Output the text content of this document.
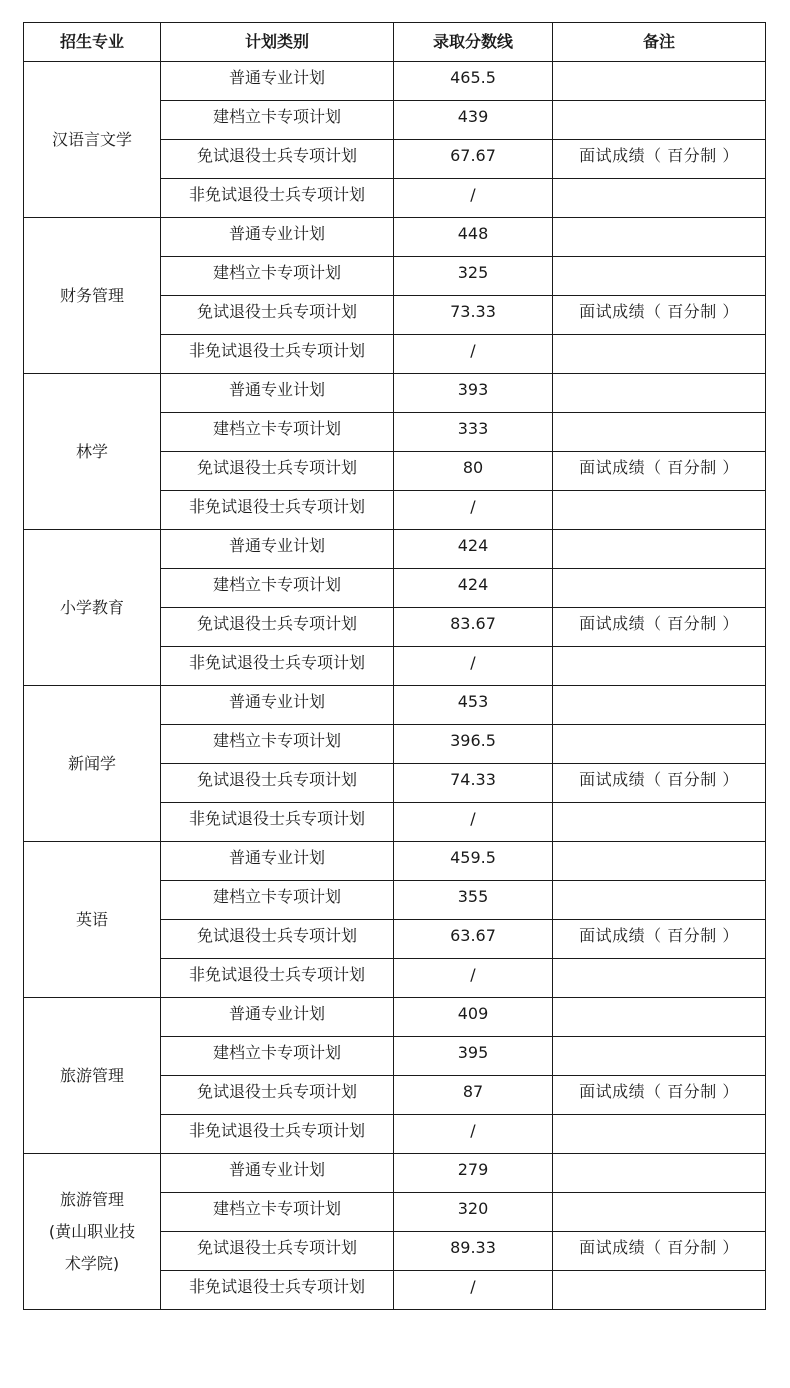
招生专业	计划类别	录取分数线	备注
汉语言文学	普通专业计划	465.5	
	建档立卡专项计划	439	
	免试退役士兵专项计划	67.67	面试成绩（ 百分制 ）
	非免试退役士兵专项计划	/	
财务管理	普通专业计划	448	
	建档立卡专项计划	325	
	免试退役士兵专项计划	73.33	面试成绩（ 百分制 ）
	非免试退役士兵专项计划	/	
林学	普通专业计划	393	
	建档立卡专项计划	333	
	免试退役士兵专项计划	80	面试成绩（ 百分制 ）
	非免试退役士兵专项计划	/	
小学教育	普通专业计划	424	
	建档立卡专项计划	424	
	免试退役士兵专项计划	83.67	面试成绩（ 百分制 ）
	非免试退役士兵专项计划	/	
新闻学	普通专业计划	453	
	建档立卡专项计划	396.5	
	免试退役士兵专项计划	74.33	面试成绩（ 百分制 ）
	非免试退役士兵专项计划	/	
英语	普通专业计划	459.5	
	建档立卡专项计划	355	
	免试退役士兵专项计划	63.67	面试成绩（ 百分制 ）
	非免试退役士兵专项计划	/	
旅游管理	普通专业计划	409	
	建档立卡专项计划	395	
	免试退役士兵专项计划	87	面试成绩（ 百分制 ）
	非免试退役士兵专项计划	/	
旅游管理
(黄山职业技
术学院)	普通专业计划	279	
	建档立卡专项计划	320	
	免试退役士兵专项计划	89.33	面试成绩（ 百分制 ）
	非免试退役士兵专项计划	/	
